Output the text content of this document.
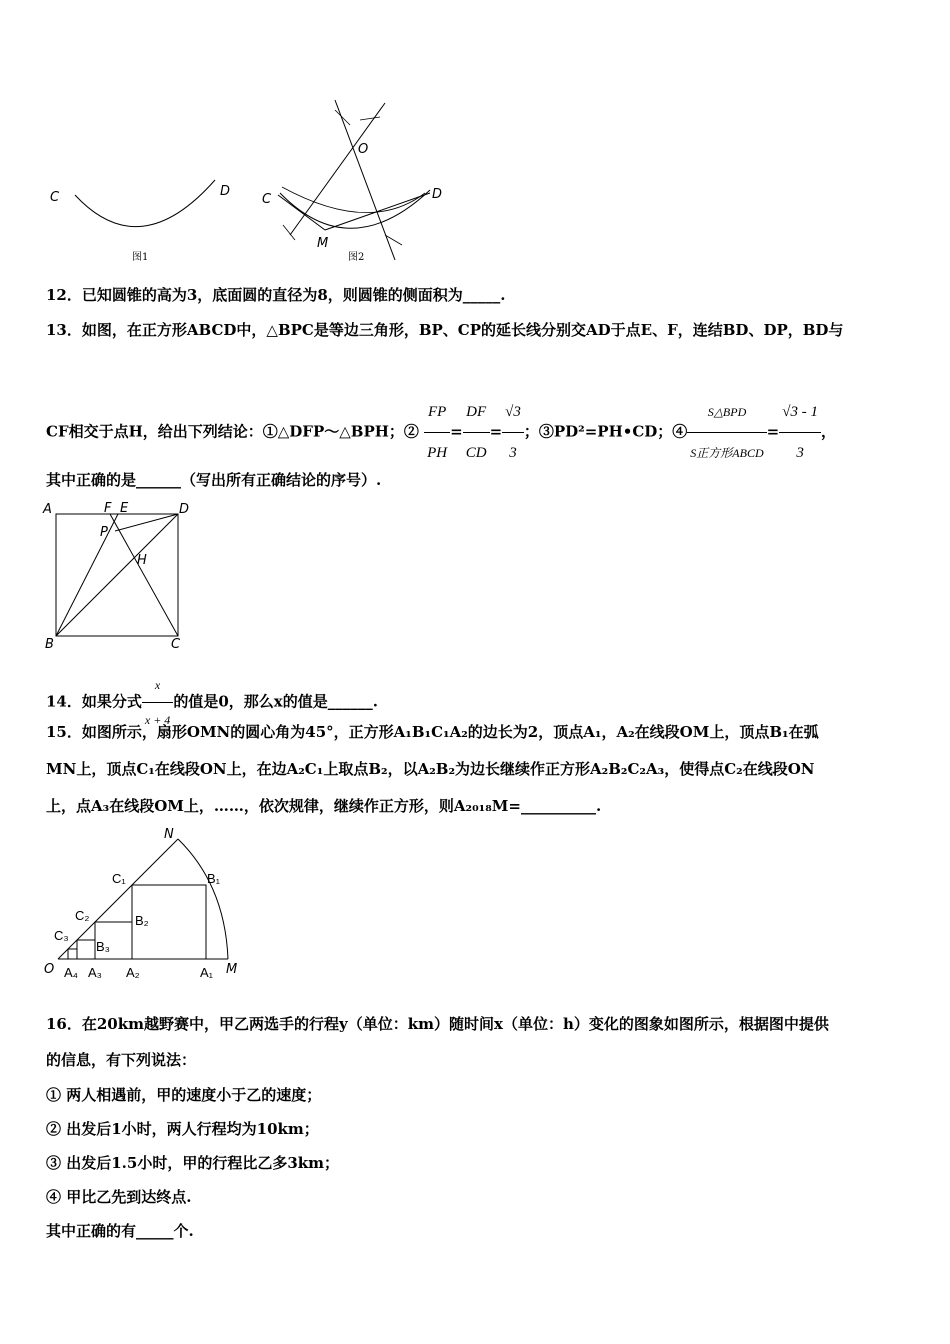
C	D
图1
O
C	D
M
图2
12．已知圆锥的高为3，底面圆的直径为8，则圆锥的侧面积为_____.
13．如图，在正方形ABCD中，△BPC是等边三角形，BP、CP的延长线分别交AD于点E、F，连结BD、DP，BD与
CF相交于点H，给出下列结论：①△DFP～△BPH；② $\frac{FP}{PH} = \frac{DF}{CD} = \frac{√3}{3}$ ；③PD²=PH•CD；④ $\frac{\text{S△BPD}}{\text{S正方形ABCD}} = \frac{√3 - 1}{3}$ ，
其中正确的是______（写出所有正确结论的序号）.
A	F E	D
P
H
B	C
14．如果分式 $\frac{x}{x + 4}$ 的值是0，那么x的值是______.
15．如图所示，扇形OMN的圆心角为45°，正方形A₁B₁C₁A₂的边长为2，顶点A₁，A₂在线段OM上，顶点B₁在弧
MN上，顶点C₁在线段ON上，在边A₂C₁上取点B₂，以A₂B₂为边长继续作正方形A₂B₂C₂A₃，使得点C₂在线段ON
上，点A₃在线段OM上，……，依次规律，继续作正方形，则A₂₀₁₈M=__________.
N
C₁	B₁
B₂
C₂
B₃
C₃
O A₄ A₃ A₂	A₁ M
16．在20km越野赛中，甲乙两选手的行程y（单位：km）随时间x（单位：h）变化的图象如图所示，根据图中提供
的信息，有下列说法：
① 两人相遇前，甲的速度小于乙的速度；
② 出发后1小时，两人行程均为10km；
③ 出发后1.5小时，甲的行程比乙多3km；
④ 甲比乙先到达终点.
其中正确的有_____个.
